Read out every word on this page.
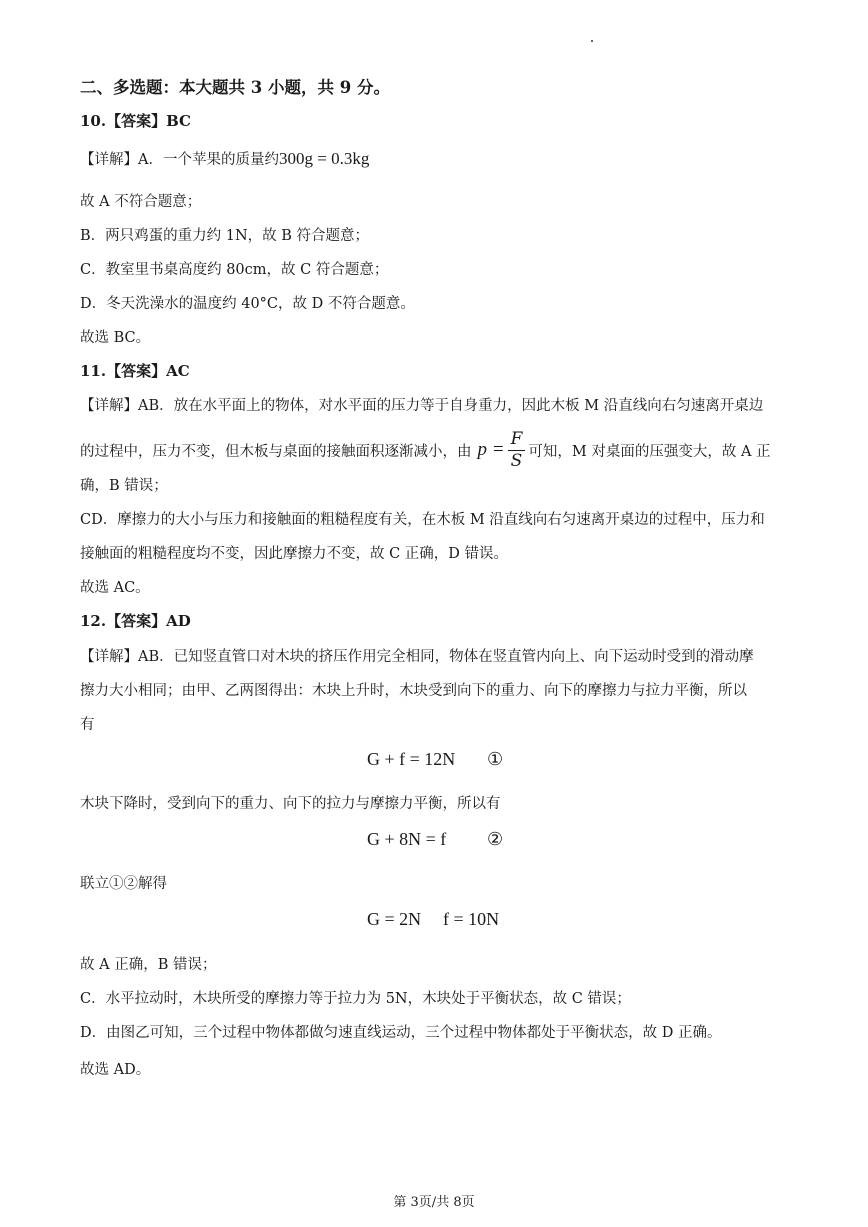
二、多选题：本大题共 3 小题，共 9 分。
10.【答案】BC
【详解】A．一个苹果的质量约300g = 0.3kg
故 A 不符合题意；
B．两只鸡蛋的重力约 1N，故 B 符合题意；
C．教室里书桌高度约 80cm，故 C 符合题意；
D．冬天洗澡水的温度约 40°C，故 D 不符合题意。
故选 BC。
11.【答案】AC
【详解】AB．放在水平面上的物体，对水平面的压力等于自身重力，因此木板 M 沿直线向右匀速离开桌边
的过程中，压力不变，但木板与桌面的接触面积逐渐减小，由 $p = \frac{F}{S}$ 可知，M 对桌面的压强变大，故 A 正
确，B 错误；
CD．摩擦力的大小与压力和接触面的粗糙程度有关，在木板 M 沿直线向右匀速离开桌边的过程中，压力和
接触面的粗糙程度均不变，因此摩擦力不变，故 C 正确，D 错误。
故选 AC。
12.【答案】AD
【详解】AB．已知竖直管口对木块的挤压作用完全相同，物体在竖直管内向上、向下运动时受到的滑动摩
擦力大小相同；由甲、乙两图得出：木块上升时，木块受到向下的重力、向下的摩擦力与拉力平衡，所以
有
G + f = 12N ①
木块下降时，受到向下的重力、向下的拉力与摩擦力平衡，所以有
G + 8N = f ②
联立①②解得
G = 2N f = 10N
故 A 正确，B 错误；
C．水平拉动时，木块所受的摩擦力等于拉力为 5N，木块处于平衡状态，故 C 错误；
D．由图乙可知，三个过程中物体都做匀速直线运动，三个过程中物体都处于平衡状态，故 D 正确。
故选 AD。
第 3页/共 8页
